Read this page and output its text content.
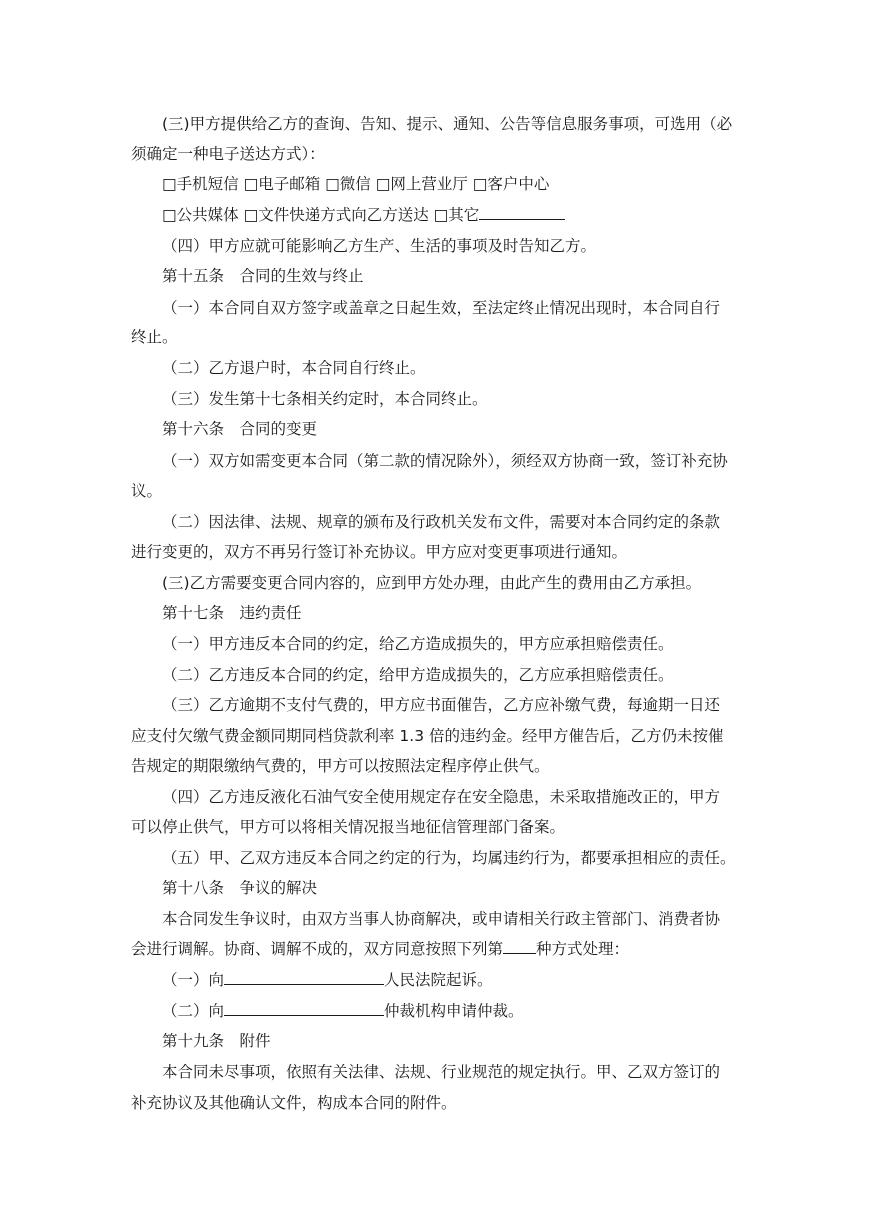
(三)甲方提供给乙方的查询、告知、提示、通知、公告等信息服务事项，可选用（必
须确定一种电子送达方式）：
□手机短信 □电子邮箱 □微信 □网上营业厅 □客户中心
□公共媒体 □文件快递方式向乙方送达 □其它
（四）甲方应就可能影响乙方生产、生活的事项及时告知乙方。
第十五条　合同的生效与终止
（一）本合同自双方签字或盖章之日起生效，至法定终止情况出现时，本合同自行
终止。
（二）乙方退户时，本合同自行终止。
（三）发生第十七条相关约定时，本合同终止。
第十六条　合同的变更
（一）双方如需变更本合同（第二款的情况除外），须经双方协商一致，签订补充协
议。
（二）因法律、法规、规章的颁布及行政机关发布文件，需要对本合同约定的条款
进行变更的，双方不再另行签订补充协议。甲方应对变更事项进行通知。
(三)乙方需要变更合同内容的，应到甲方处办理，由此产生的费用由乙方承担。
第十七条　违约责任
（一）甲方违反本合同的约定，给乙方造成损失的，甲方应承担赔偿责任。
（二）乙方违反本合同的约定，给甲方造成损失的，乙方应承担赔偿责任。
（三）乙方逾期不支付气费的，甲方应书面催告，乙方应补缴气费，每逾期一日还
应支付欠缴气费金额同期同档贷款利率 1.3 倍的违约金。经甲方催告后，乙方仍未按催
告规定的期限缴纳气费的，甲方可以按照法定程序停止供气。
（四）乙方违反液化石油气安全使用规定存在安全隐患，未采取措施改正的，甲方
可以停止供气，甲方可以将相关情况报当地征信管理部门备案。
（五）甲、乙双方违反本合同之约定的行为，均属违约行为，都要承担相应的责任。
第十八条　争议的解决
本合同发生争议时，由双方当事人协商解决，或申请相关行政主管部门、消费者协
会进行调解。协商、调解不成的，双方同意按照下列第 种方式处理：
（一）向	人民法院起诉。
（二）向	仲裁机构申请仲裁。
第十九条　附件
本合同未尽事项，依照有关法律、法规、行业规范的规定执行。甲、乙双方签订的
补充协议及其他确认文件，构成本合同的附件。
